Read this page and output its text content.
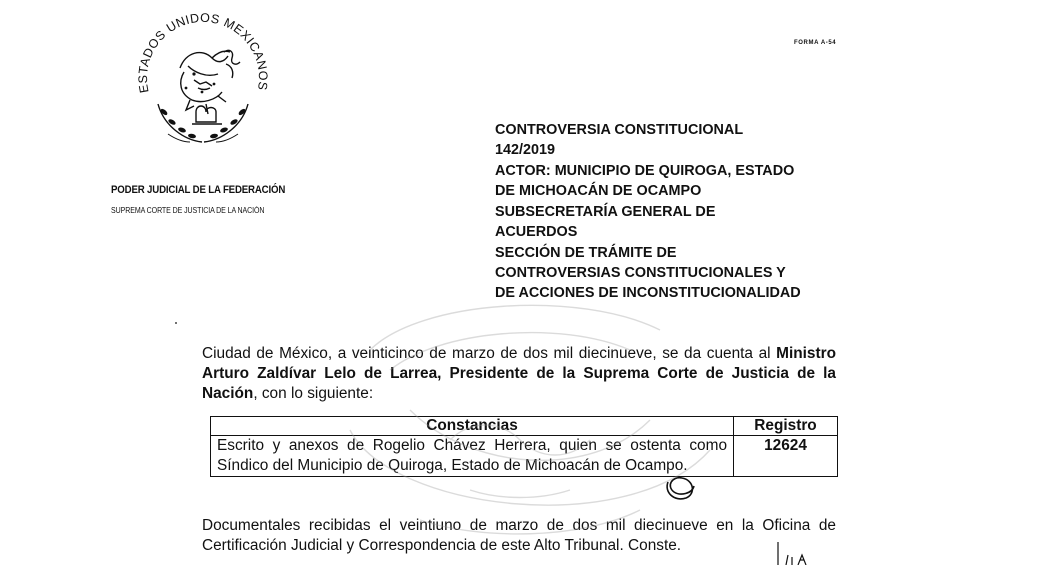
ESTADOS UNIDOS MEXICANOS
PODER JUDICIAL DE LA FEDERACIÓN
SUPREMA CORTE DE JUSTICIA DE LA NACIÓN
FORMA A-54
CONTROVERSIA CONSTITUCIONAL
142/2019
ACTOR: MUNICIPIO DE QUIROGA, ESTADO
DE MICHOACÁN DE OCAMPO
SUBSECRETARÍA GENERAL DE
ACUERDOS
SECCIÓN DE TRÁMITE DE
CONTROVERSIAS CONSTITUCIONALES Y
DE ACCIONES DE INCONSTITUCIONALIDAD

Ciudad de México, a veinticinco de marzo de dos mil diecinueve, se da cuenta al Ministro Arturo Zaldívar Lelo de Larrea, Presidente de la Suprema Corte de Justicia de la Nación, con lo siguiente:

Constancias	Registro
Escrito y anexos de Rogelio Chávez Herrera, quien se ostenta como Síndico del Municipio de Quiroga, Estado de Michoacán de Ocampo.	12624

Documentales recibidas el veintiuno de marzo de dos mil diecinueve en la Oficina de Certificación Judicial y Correspondencia de este Alto Tribunal. Conste.
